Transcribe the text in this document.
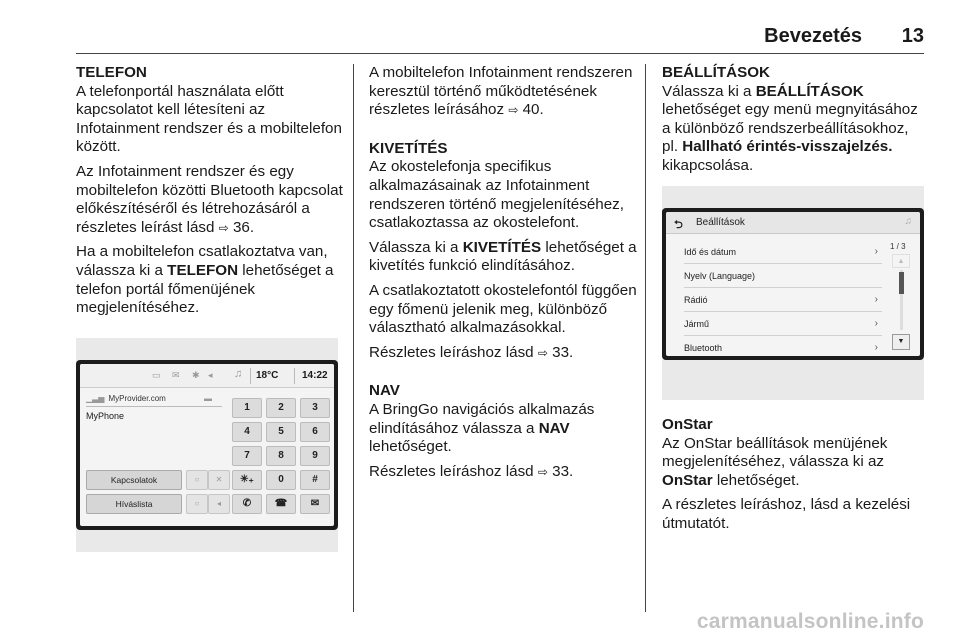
Bevezetés 13
TELEFON

A telefonportál használata előtt kapcsolatot kell létesíteni az Infotainment rendszer és a mobiltelefon között.

Az Infotainment rendszer és egy mobiltelefon közötti Bluetooth kapcsolat előkészítéséről és létrehozásáról a részletes leírást lásd ⇨ 36.

Ha a mobiltelefon csatlakoztatva van, válassza ki a TELEFON lehetőséget a telefon portál főmenüjének megjelenítéséhez.

▭ ✉ ✱ ◂ ♫ 18°C 14:22
▁▃▅ MyProvider.com	▬
MyPhone
1	2	3
4	5	6
7	8	9
✳₊	0	#
✆	☎	✉
Kapcsolatok
Híváslista
○	✕
○	◂

A mobiltelefon Infotainment rendszeren keresztül történő működtetésének részletes leírásához ⇨ 40.

KIVETÍTÉS

Az okostelefonja specifikus alkalmazásainak az Infotainment rendszeren történő megjelenítéséhez, csatlakoztassa az okostelefont.

Válassza ki a KIVETÍTÉS lehetőséget a kivetítés funkció elindításához.

A csatlakoztatott okostelefontól függően egy főmenü jelenik meg, különböző választható alkalmazásokkal.

Részletes leíráshoz lásd ⇨ 33.

NAV

A BringGo navigációs alkalmazás elindításához válassza a NAV lehetőséget.

Részletes leíráshoz lásd ⇨ 33.

BEÁLLÍTÁSOK

Válassza ki a BEÁLLÍTÁSOK lehetőséget egy menü megnyitásához a különböző rendszerbeállításokhoz, pl. Hallható érintés-visszajelzés. kikapcsolása.

OnStar

Az OnStar beállítások menüjének megjelenítéséhez, válassza ki az OnStar lehetőséget.

A részletes leíráshoz, lásd a kezelési útmutatót.

⮌ Beállítások	♫
Idő és dátum	›
Nyelv (Language)
Rádió	›
Jármű	›
Bluetooth	›
1 / 3
▲
▼
carmanualsonline.info
